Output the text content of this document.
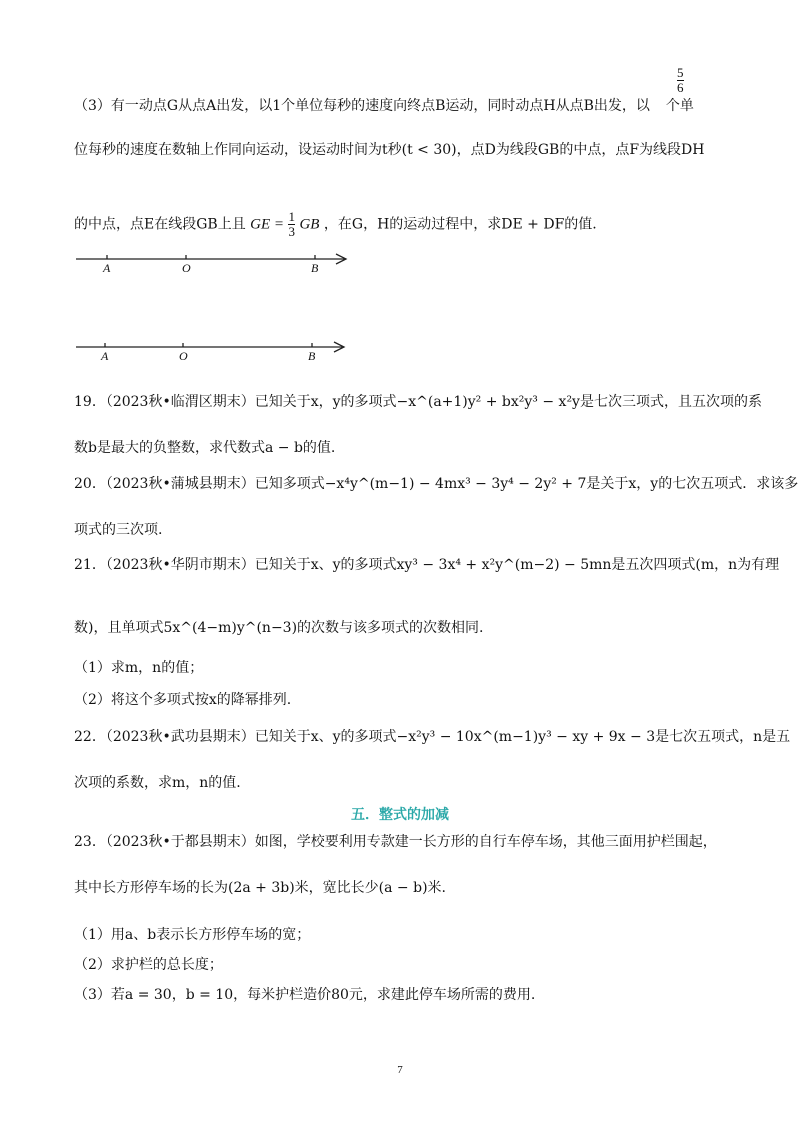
$\frac{5}{6}$
（3）有一动点G从点A出发，以1个单位每秒的速度向终点B运动，同时动点H从点B出发，以 个单
位每秒的速度在数轴上作同向运动，设运动时间为t秒(t < 30)，点D为线段GB的中点，点F为线段DH
的中点，点E在线段GB上且 GE = $\frac{1}{3}$ GB ，在G，H的运动过程中，求DE + DF的值.
A	O	B
A	O	B
19．（2023秋•临渭区期末）已知关于x，y的多项式−x^(a+1)y² + bx²y³ − x²y是七次三项式，且五次项的系
数b是最大的负整数，求代数式a − b的值.
20．（2023秋•蒲城县期末）已知多项式−x⁴y^(m−1) − 4mx³ − 3y⁴ − 2y² + 7是关于x，y的七次五项式．求该多
项式的三次项.
21．（2023秋•华阴市期末）已知关于x、y的多项式xy³ − 3x⁴ + x²y^(m−2) − 5mn是五次四项式(m，n为有理
数)，且单项式5x^(4−m)y^(n−3)的次数与该多项式的次数相同.
（1）求m，n的值；
（2）将这个多项式按x的降幂排列.
22．（2023秋•武功县期末）已知关于x、y的多项式−x²y³ − 10x^(m−1)y³ − xy + 9x − 3是七次五项式，n是五
次项的系数，求m，n的值.
五．整式的加减
23．（2023秋•于都县期末）如图，学校要利用专款建一长方形的自行车停车场，其他三面用护栏围起，
其中长方形停车场的长为(2a + 3b)米，宽比长少(a − b)米.
（1）用a、b表示长方形停车场的宽；
（2）求护栏的总长度；
（3）若a = 30，b = 10，每米护栏造价80元，求建此停车场所需的费用.
7
